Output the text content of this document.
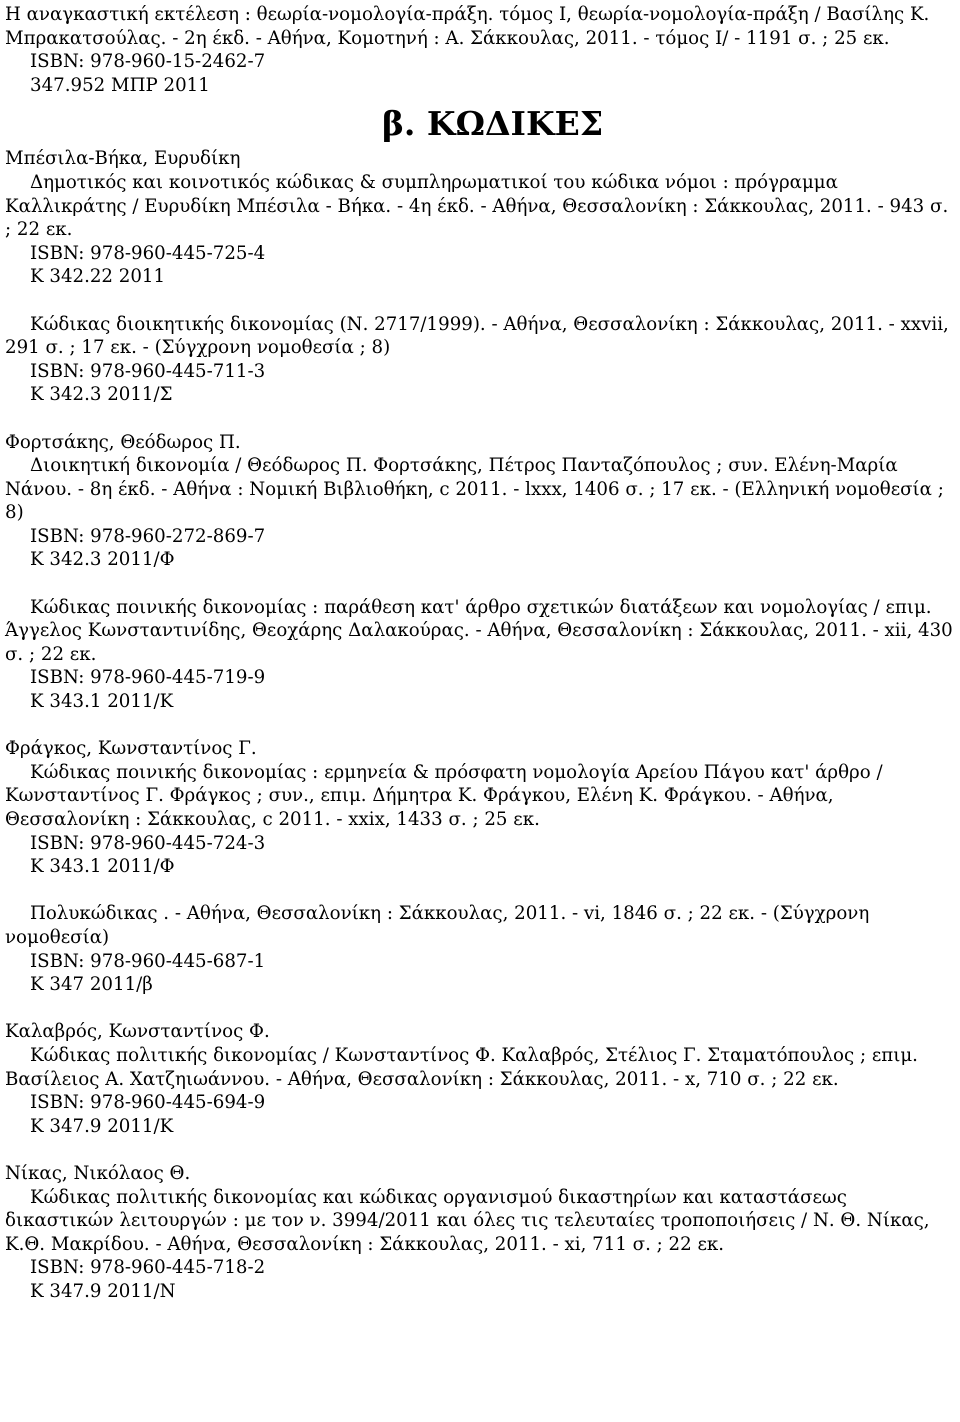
Η αναγκαστική εκτέλεση : θεωρία-νομολογία-πράξη. τόμος Ι, θεωρία-νομολογία-πράξη / Βασίλης Κ. Μπρακατσούλας. - 2η έκδ. - Αθήνα, Κομοτηνή : Α. Σάκκουλας, 2011. - τόμος Ι/ - 1191 σ. ; 25 εκ.

ISBN: 978-960-15-2462-7

347.952 ΜΠΡ 2011

β. ΚΩΔΙΚΕΣ

Μπέσιλα-Βήκα, Ευρυδίκη

Δημοτικός και κοινοτικός κώδικας & συμπληρωματικοί του κώδικα νόμοι : πρόγραμμα Καλλικράτης / Ευρυδίκη Μπέσιλα - Βήκα. - 4η έκδ. - Αθήνα, Θεσσαλονίκη : Σάκκουλας, 2011. - 943 σ. ; 22 εκ.

ISBN: 978-960-445-725-4

Κ 342.22 2011

Κώδικας διοικητικής δικονομίας (Ν. 2717/1999). - Αθήνα, Θεσσαλονίκη : Σάκκουλας, 2011. - xxvii, 291 σ. ; 17 εκ. - (Σύγχρονη νομοθεσία ; 8)

ISBN: 978-960-445-711-3

Κ 342.3 2011/Σ

Φορτσάκης, Θεόδωρος Π.

Διοικητική δικονομία / Θεόδωρος Π. Φορτσάκης, Πέτρος Πανταζόπουλος ; συν. Ελένη-Μαρία Νάνου. - 8η έκδ. - Αθήνα : Νομική Βιβλιοθήκη, c 2011. - lxxx, 1406 σ. ; 17 εκ. - (Ελληνική νομοθεσία ; 8)

ISBN: 978-960-272-869-7

Κ 342.3 2011/Φ

Κώδικας ποινικής δικονομίας : παράθεση κατ' άρθρο σχετικών διατάξεων και νομολογίας / επιμ. Άγγελος Κωνσταντινίδης, Θεοχάρης Δαλακούρας. - Αθήνα, Θεσσαλονίκη : Σάκκουλας, 2011. - xii, 430 σ. ; 22 εκ.

ISBN: 978-960-445-719-9

Κ 343.1 2011/Κ

Φράγκος, Κωνσταντίνος Γ.

Κώδικας ποινικής δικονομίας : ερμηνεία & πρόσφατη νομολογία Αρείου Πάγου κατ' άρθρο / Κωνσταντίνος Γ. Φράγκος ; συν., επιμ. Δήμητρα Κ. Φράγκου, Ελένη Κ. Φράγκου. - Αθήνα, Θεσσαλονίκη : Σάκκουλας, c 2011. - xxix, 1433 σ. ; 25 εκ.

ISBN: 978-960-445-724-3

Κ 343.1 2011/Φ

Πολυκώδικας . - Αθήνα, Θεσσαλονίκη : Σάκκουλας, 2011. - vi, 1846 σ. ; 22 εκ. - (Σύγχρονη νομοθεσία)

ISBN: 978-960-445-687-1

Κ 347 2011/β

Καλαβρός, Κωνσταντίνος Φ.

Κώδικας πολιτικής δικονομίας / Κωνσταντίνος Φ. Καλαβρός, Στέλιος Γ. Σταματόπουλος ; επιμ. Βασίλειος Α. Χατζηιωάννου. - Αθήνα, Θεσσαλονίκη : Σάκκουλας, 2011. - x, 710 σ. ; 22 εκ.

ISBN: 978-960-445-694-9

Κ 347.9 2011/Κ

Νίκας, Νικόλαος Θ.

Κώδικας πολιτικής δικονομίας και κώδικας οργανισμού δικαστηρίων και καταστάσεως δικαστικών λειτουργών : με τον ν. 3994/2011 και όλες τις τελευταίες τροποποιήσεις / Ν. Θ. Νίκας, Κ.Θ. Μακρίδου. - Αθήνα, Θεσσαλονίκη : Σάκκουλας, 2011. - xi, 711 σ. ; 22 εκ.

ISBN: 978-960-445-718-2

Κ 347.9 2011/Ν
